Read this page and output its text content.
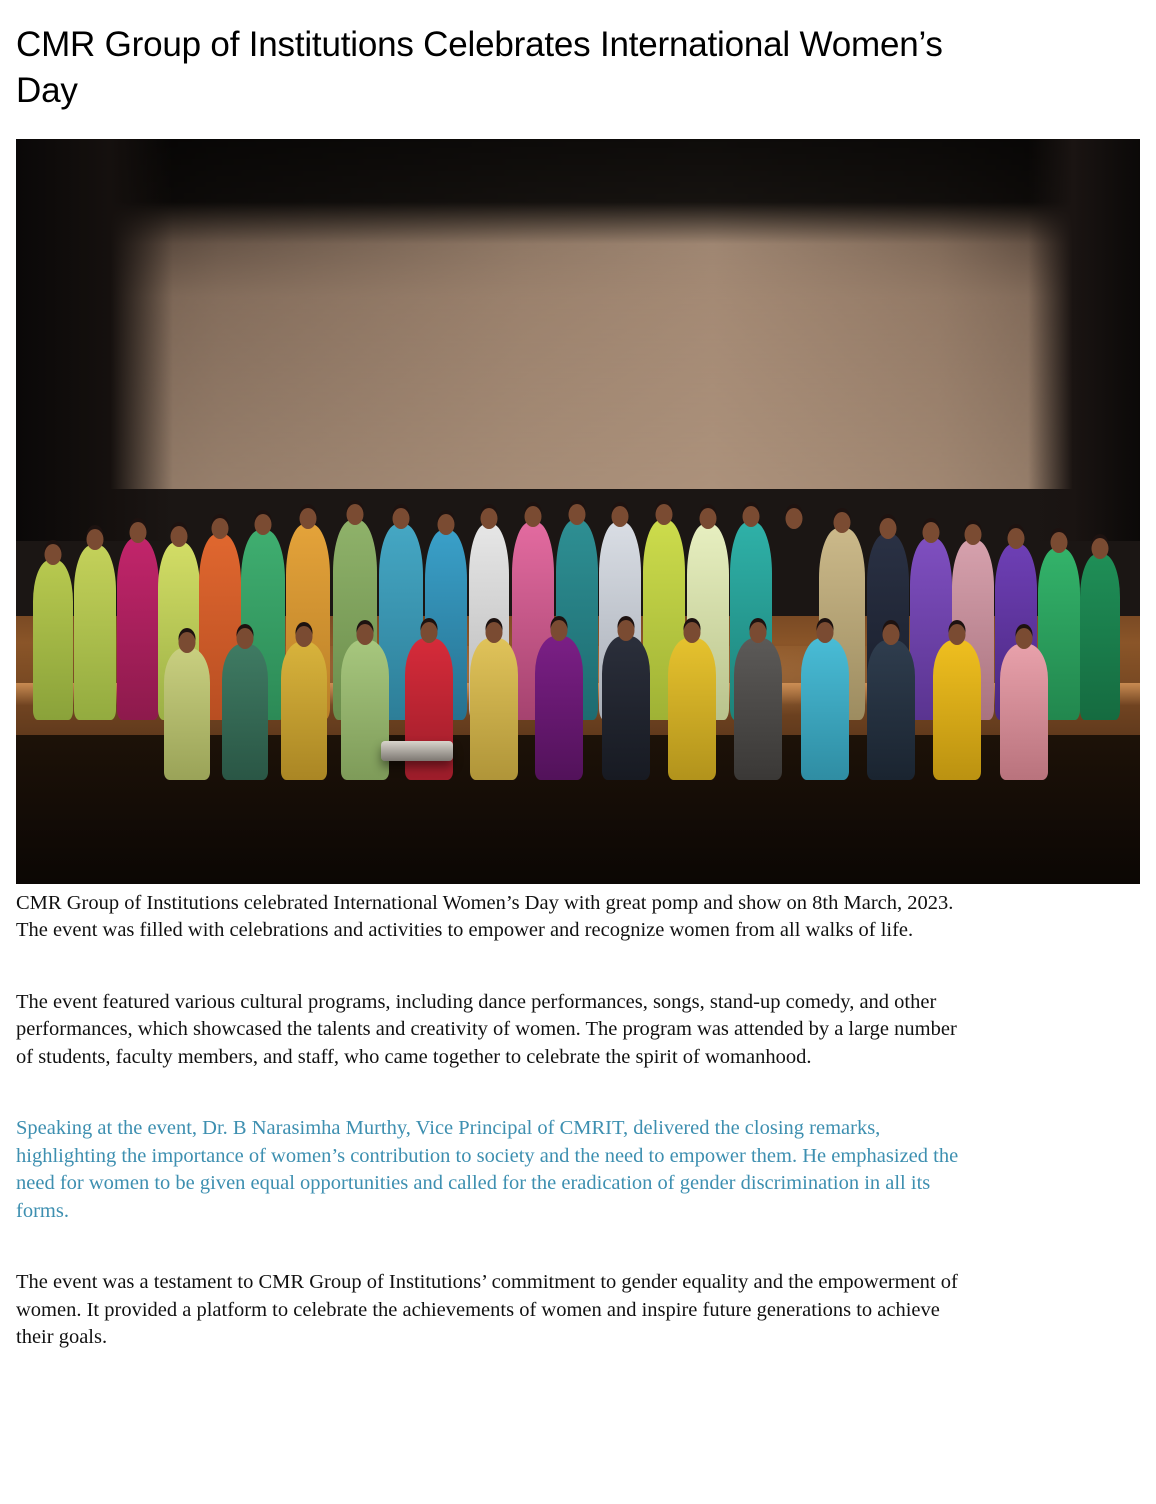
CMR Group of Institutions Celebrates International Women’s Day

CMR Group of Institutions celebrated International Women’s Day with great pomp and show on 8th March, 2023. The event was filled with celebrations and activities to empower and recognize women from all walks of life.

The event featured various cultural programs, including dance performances, songs, stand-up comedy, and other performances, which showcased the talents and creativity of women. The program was attended by a large number of students, faculty members, and staff, who came together to celebrate the spirit of womanhood.

Speaking at the event, Dr. B Narasimha Murthy, Vice Principal of CMRIT, delivered the closing remarks, highlighting the importance of women’s contribution to society and the need to empower them. He emphasized the need for women to be given equal opportunities and called for the eradication of gender discrimination in all its forms.

The event was a testament to CMR Group of Institutions’ commitment to gender equality and the empowerment of women. It provided a platform to celebrate the achievements of women and inspire future generations to achieve their goals.
